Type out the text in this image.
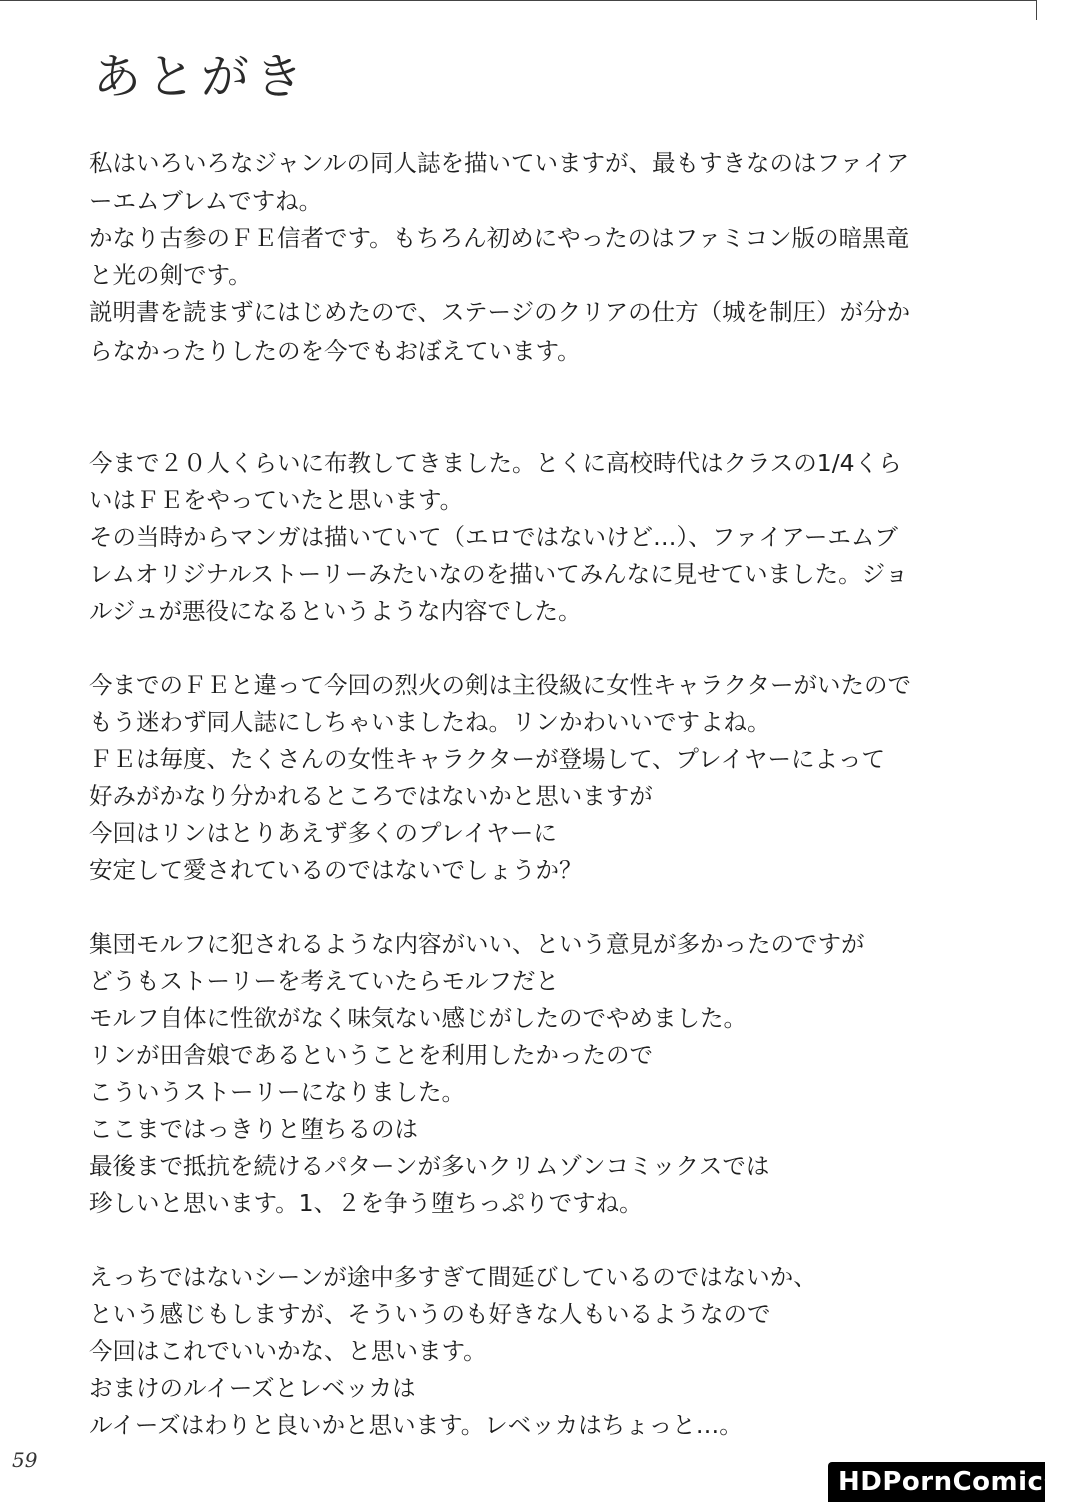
あとがき
私はいろいろなジャンルの同人誌を描いていますが、最もすきなのはファイア
ーエムブレムですね。
かなり古参のＦＥ信者です。もちろん初めにやったのはファミコン版の暗黒竜
と光の剣です。
説明書を読まずにはじめたので、ステージのクリアの仕方（城を制圧）が分か
らなかったりしたのを今でもおぼえています。
今まで２０人くらいに布教してきました。とくに高校時代はクラスの1/4くら
いはＦＥをやっていたと思います。
その当時からマンガは描いていて（エロではないけど…）、ファイアーエムブ
レムオリジナルストーリーみたいなのを描いてみんなに見せていました。ジョ
ルジュが悪役になるというような内容でした。
今までのＦＥと違って今回の烈火の剣は主役級に女性キャラクターがいたので
もう迷わず同人誌にしちゃいましたね。リンかわいいですよね。
ＦＥは毎度、たくさんの女性キャラクターが登場して、プレイヤーによって
好みがかなり分かれるところではないかと思いますが
今回はリンはとりあえず多くのプレイヤーに
安定して愛されているのではないでしょうか？
集団モルフに犯されるような内容がいい、という意見が多かったのですが
どうもストーリーを考えていたらモルフだと
モルフ自体に性欲がなく味気ない感じがしたのでやめました。
リンが田舎娘であるということを利用したかったので
こういうストーリーになりました。
ここまではっきりと堕ちるのは
最後まで抵抗を続けるパターンが多いクリムゾンコミックスでは
珍しいと思います。1、２を争う堕ちっぷりですね。
えっちではないシーンが途中多すぎて間延びしているのではないか、
という感じもしますが、そういうのも好きな人もいるようなので
今回はこれでいいかな、と思います。
おまけのルイーズとレベッカは
ルイーズはわりと良いかと思います。レベッカはちょっと…。
59
HDPornComics.c
